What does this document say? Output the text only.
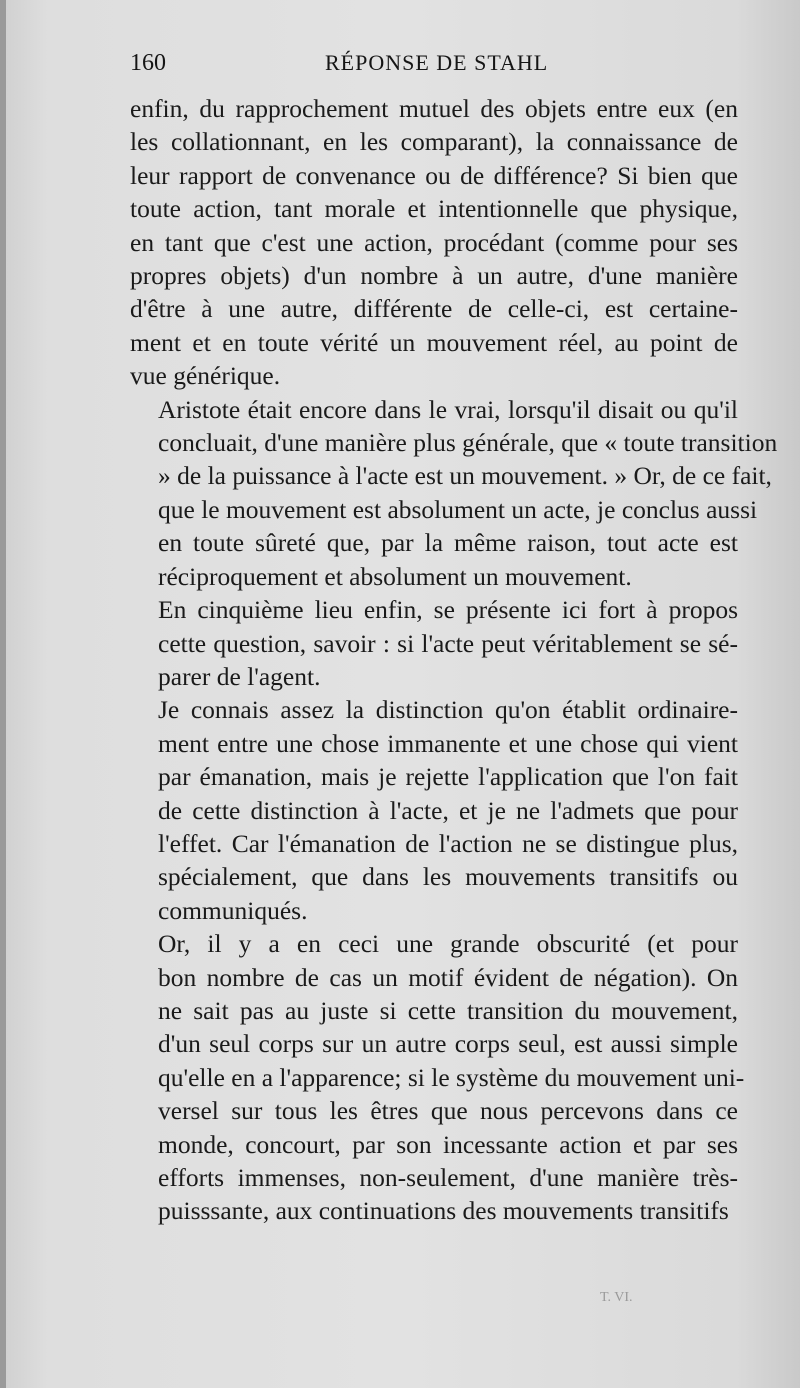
160	RÉPONSE DE STAHL
enfin, du rapprochement mutuel des objets entre eux (en
les collationnant, en les comparant), la connaissance de
leur rapport de convenance ou de différence? Si bien que
toute action, tant morale et intentionnelle que physique,
en tant que c'est une action, procédant (comme pour ses
propres objets) d'un nombre à un autre, d'une manière
d'être à une autre, différente de celle-ci, est certaine-
ment et en toute vérité un mouvement réel, au point de
vue générique.
Aristote était encore dans le vrai, lorsqu'il disait ou qu'il
concluait, d'une manière plus générale, que « toute transition
» de la puissance à l'acte est un mouvement. » Or, de ce fait,
que le mouvement est absolument un acte, je conclus aussi
en toute sûreté que, par la même raison, tout acte est
réciproquement et absolument un mouvement.
En cinquième lieu enfin, se présente ici fort à propos
cette question, savoir : si l'acte peut véritablement se sé-
parer de l'agent.
Je connais assez la distinction qu'on établit ordinaire-
ment entre une chose immanente et une chose qui vient
par émanation, mais je rejette l'application que l'on fait
de cette distinction à l'acte, et je ne l'admets que pour
l'effet. Car l'émanation de l'action ne se distingue plus,
spécialement, que dans les mouvements transitifs ou
communiqués.
Or, il y a en ceci une grande obscurité (et pour
bon nombre de cas un motif évident de négation). On
ne sait pas au juste si cette transition du mouvement,
d'un seul corps sur un autre corps seul, est aussi simple
qu'elle en a l'apparence; si le système du mouvement uni-
versel sur tous les êtres que nous percevons dans ce
monde, concourt, par son incessante action et par ses
efforts immenses, non-seulement, d'une manière très-
puisssante, aux continuations des mouvements transitifs
T. VI.
